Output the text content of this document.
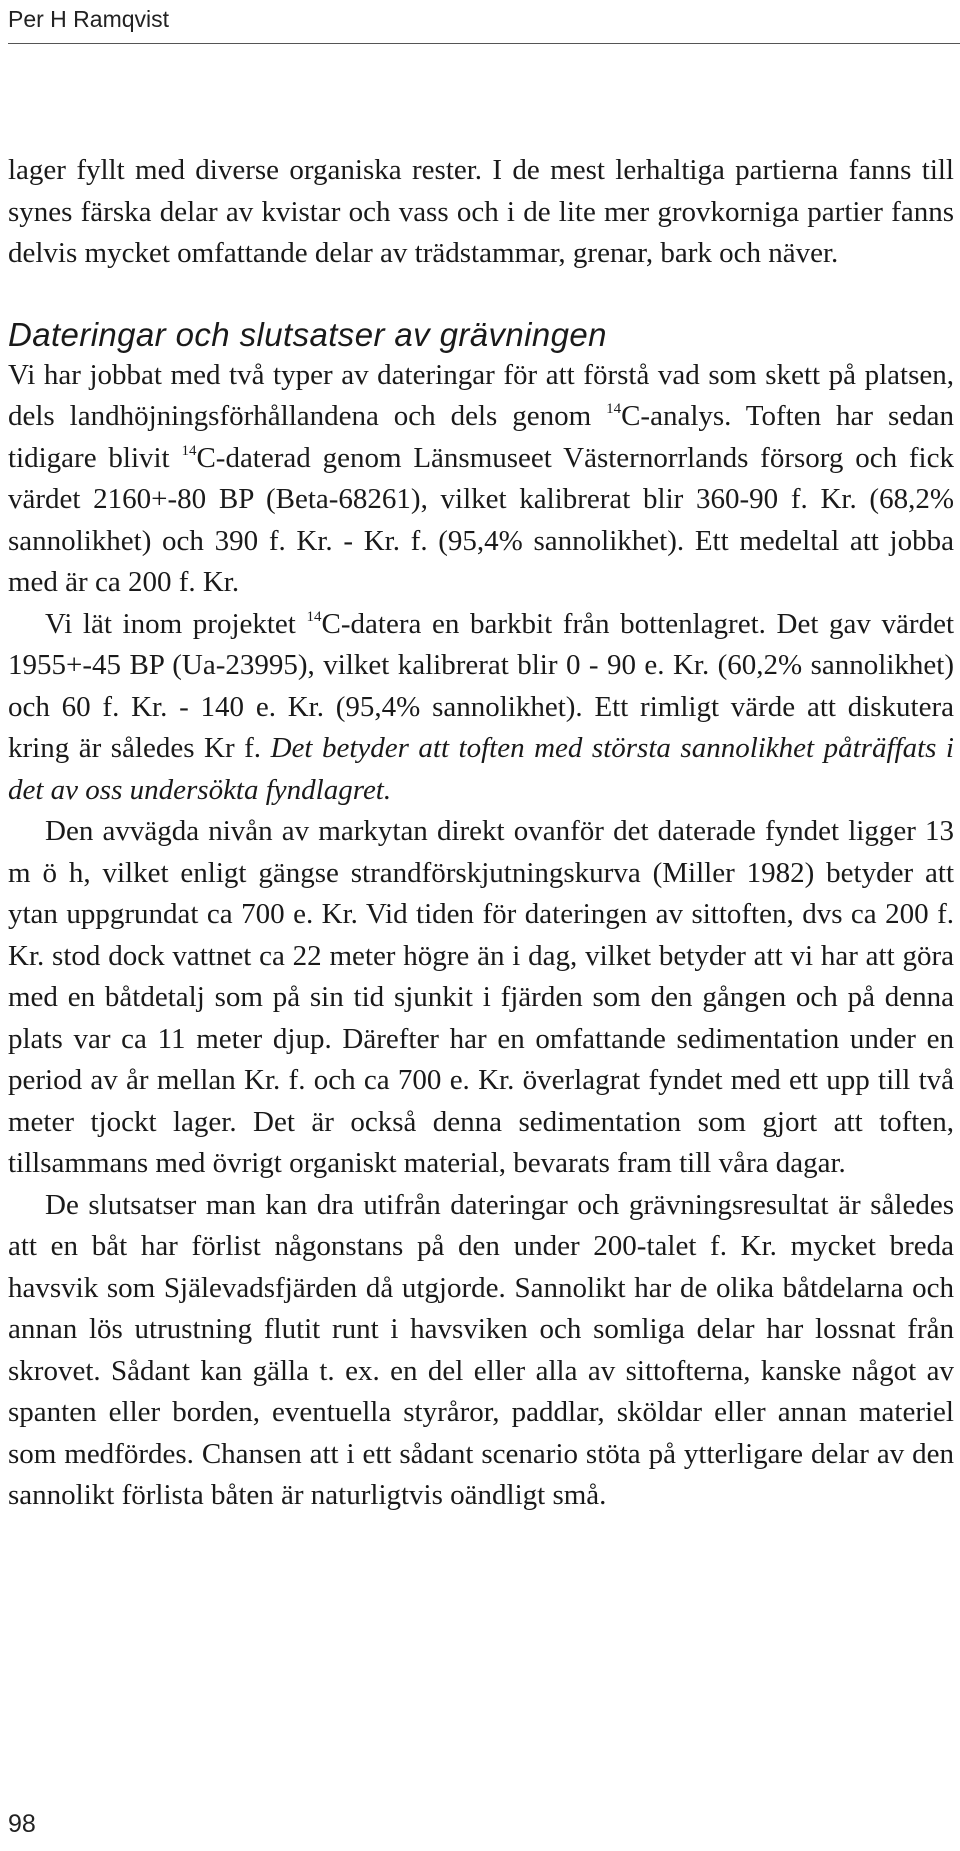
Per H Ramqvist

lager fyllt med diverse organiska rester. I de mest lerhaltiga partierna fanns till synes färska delar av kvistar och vass och i de lite mer grovkorniga partier fanns delvis mycket omfattande delar av trädstammar, grenar, bark och näver.

Dateringar och slutsatser av grävningen

Vi har jobbat med två typer av dateringar för att förstå vad som skett på platsen, dels landhöjningsförhållandena och dels genom $^{14}$C-analys. Toften har sedan tidigare blivit $^{14}$C-daterad genom Länsmuseet Västernorrlands försorg och fick värdet 2160+-80 BP (Beta-68261), vilket kalibrerat blir 360-90 f. Kr. (68,2% sannolikhet) och 390 f. Kr. - Kr. f. (95,4% sannolikhet). Ett medeltal att jobba med är ca 200 f. Kr.

Vi lät inom projektet $^{14}$C-datera en barkbit från bottenlagret. Det gav värdet 1955+-45 BP (Ua-23995), vilket kalibrerat blir 0 - 90 e. Kr. (60,2% sannolikhet) och 60 f. Kr. - 140 e. Kr. (95,4% sannolikhet). Ett rimligt värde att diskutera kring är således Kr f. Det betyder att toften med största sannolikhet påträffats i det av oss undersökta fyndlagret.

Den avvägda nivån av markytan direkt ovanför det daterade fyndet ligger 13 m ö h, vilket enligt gängse strandförskjutningskurva (Miller 1982) betyder att ytan uppgrundat ca 700 e. Kr. Vid tiden för dateringen av sittoften, dvs ca 200 f. Kr. stod dock vattnet ca 22 meter högre än i dag, vilket betyder att vi har att göra med en båtdetalj som på sin tid sjunkit i fjärden som den gången och på denna plats var ca 11 meter djup. Därefter har en omfattande sedimentation under en period av år mellan Kr. f. och ca 700 e. Kr. överlagrat fyndet med ett upp till två meter tjockt lager. Det är också denna sedimentation som gjort att toften, tillsammans med övrigt organiskt material, bevarats fram till våra dagar.

De slutsatser man kan dra utifrån dateringar och grävningsresultat är således att en båt har förlist någonstans på den under 200-talet f. Kr. mycket breda havsvik som Själevadsfjärden då utgjorde. Sannolikt har de olika båtdelarna och annan lös utrustning flutit runt i havsviken och somliga delar har lossnat från skrovet. Sådant kan gälla t. ex. en del eller alla av sittofterna, kanske något av spanten eller borden, eventuella styråror, paddlar, sköldar eller annan materiel som medfördes. Chansen att i ett sådant scenario stöta på ytterligare delar av den sannolikt förlista båten är naturligtvis oändligt små.

98
